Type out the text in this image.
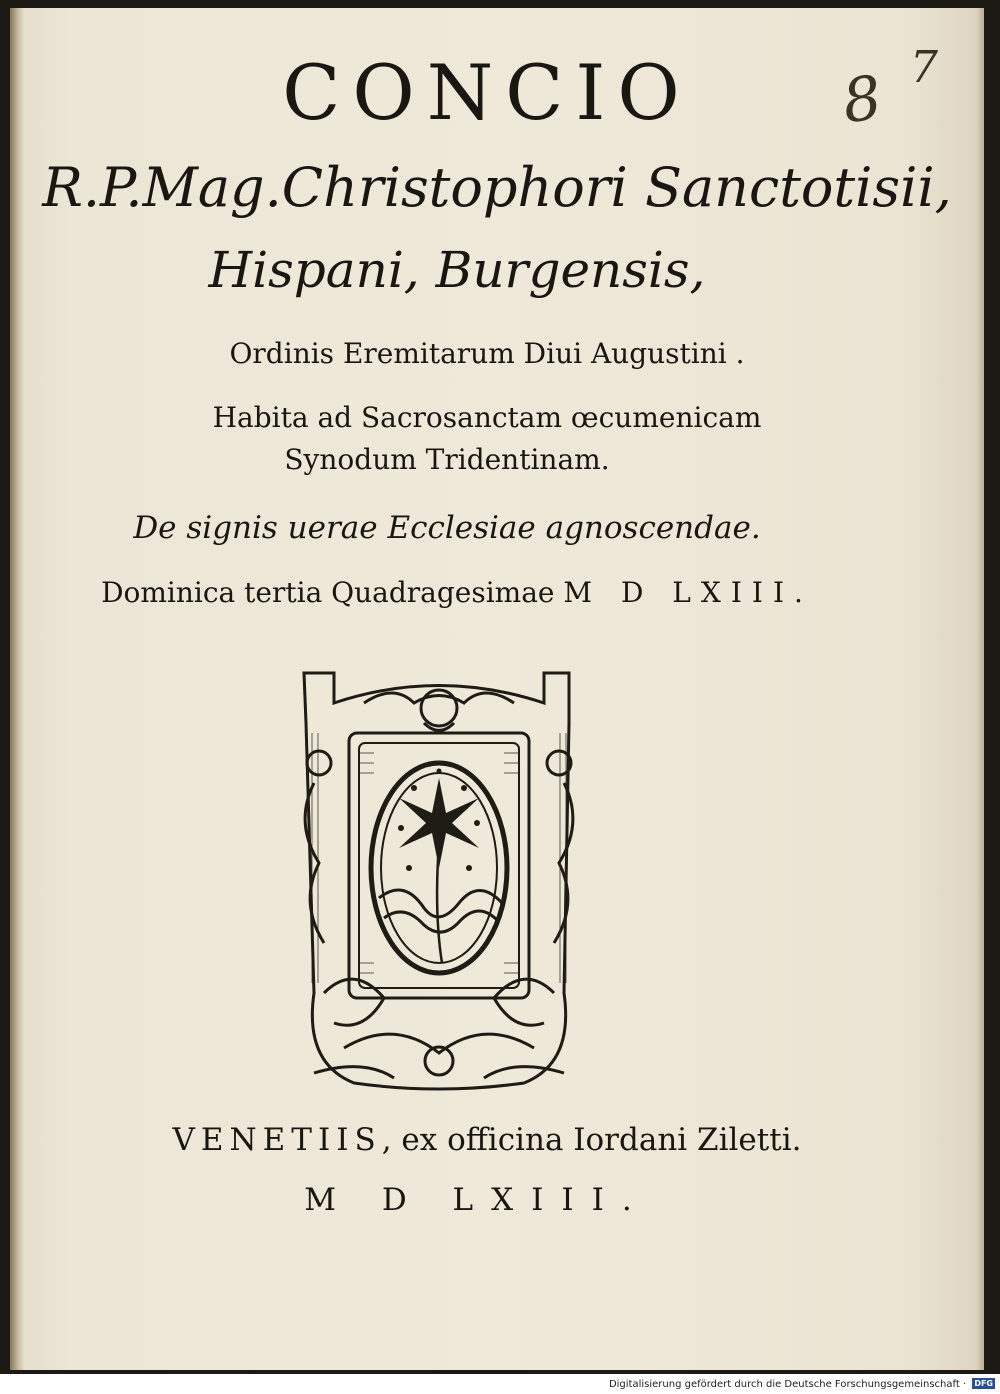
8 7

CONCIO

R.P.Mag.Christophori Sanctotisii,

Hispani, Burgensis,

Ordinis Eremitarum Diui Augustini .

Habita ad Sacrosanctam œcumenicam

Synodum Tridentinam.

De signis uerae Ecclesiae agnoscendae.

Dominica tertia Quadragesimae M D LXIII.

VENETIIS, ex officina Iordani Ziletti.

M D LXIII.

Digitalisierung gefördert durch die Deutsche Forschungsgemeinschaft · DFG
